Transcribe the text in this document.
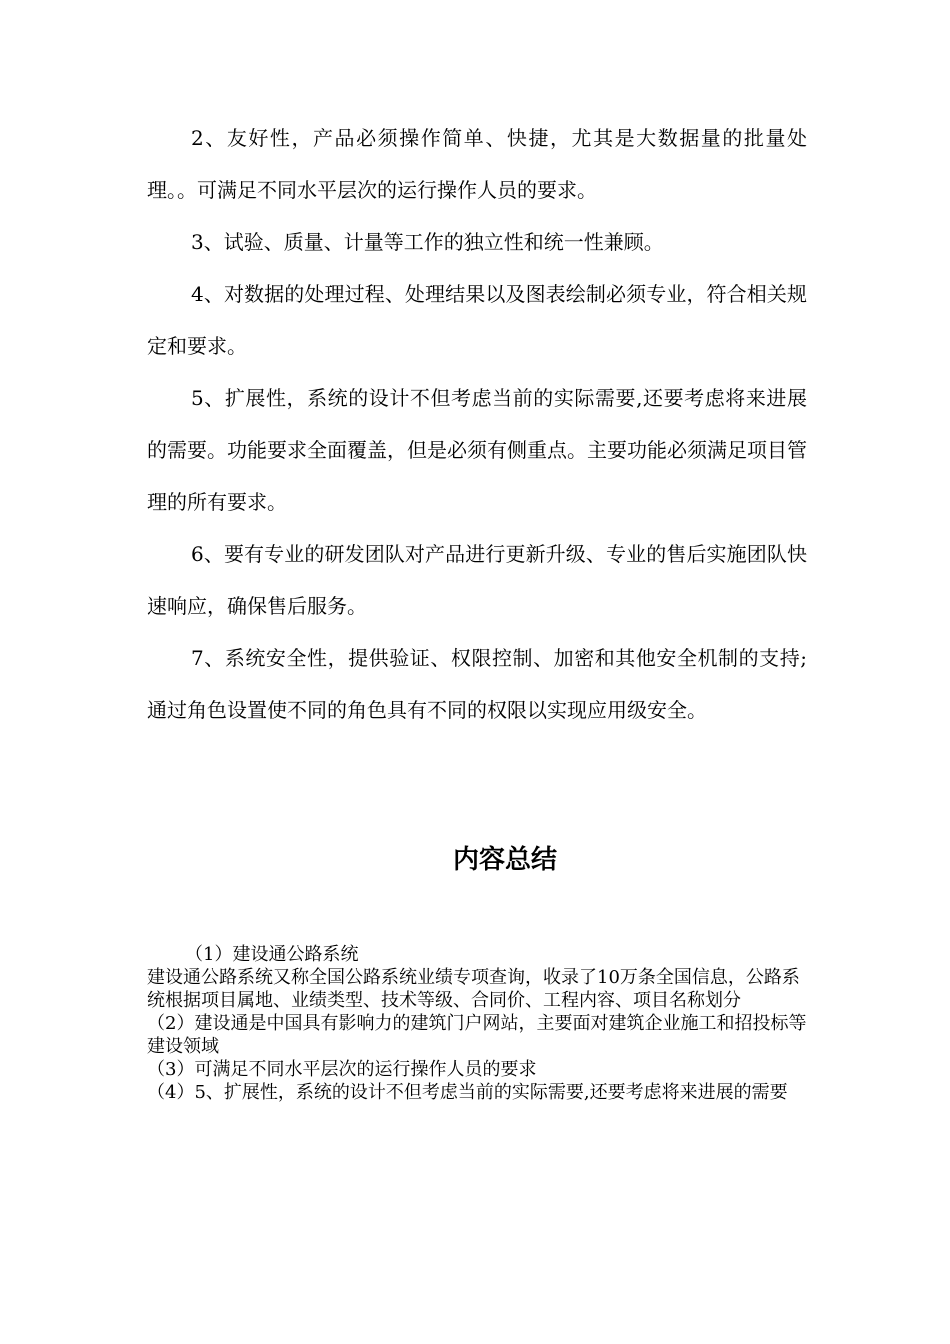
2、友好性，产品必须操作简单、快捷，尤其是大数据量的批量处理。。可满足不同水平层次的运行操作人员的要求。

3、试验、质量、计量等工作的独立性和统一性兼顾。

4、对数据的处理过程、处理结果以及图表绘制必须专业，符合相关规定和要求。

5、扩展性，系统的设计不但考虑当前的实际需要,还要考虑将来进展的需要。功能要求全面覆盖，但是必须有侧重点。主要功能必须满足项目管理的所有要求。

6、要有专业的研发团队对产品进行更新升级、专业的售后实施团队快速响应，确保售后服务。

7、系统安全性，提供验证、权限控制、加密和其他安全机制的支持;通过角色设置使不同的角色具有不同的权限以实现应用级安全。

内容总结

（1）建设通公路系统

建设通公路系统又称全国公路系统业绩专项查询，收录了10万条全国信息，公路系统根据项目属地、业绩类型、技术等级、合同价、工程内容、项目名称划分

（2）建设通是中国具有影响力的建筑门户网站，主要面对建筑企业施工和招投标等建设领域

（3）可满足不同水平层次的运行操作人员的要求

（4）5、扩展性，系统的设计不但考虑当前的实际需要,还要考虑将来进展的需要
